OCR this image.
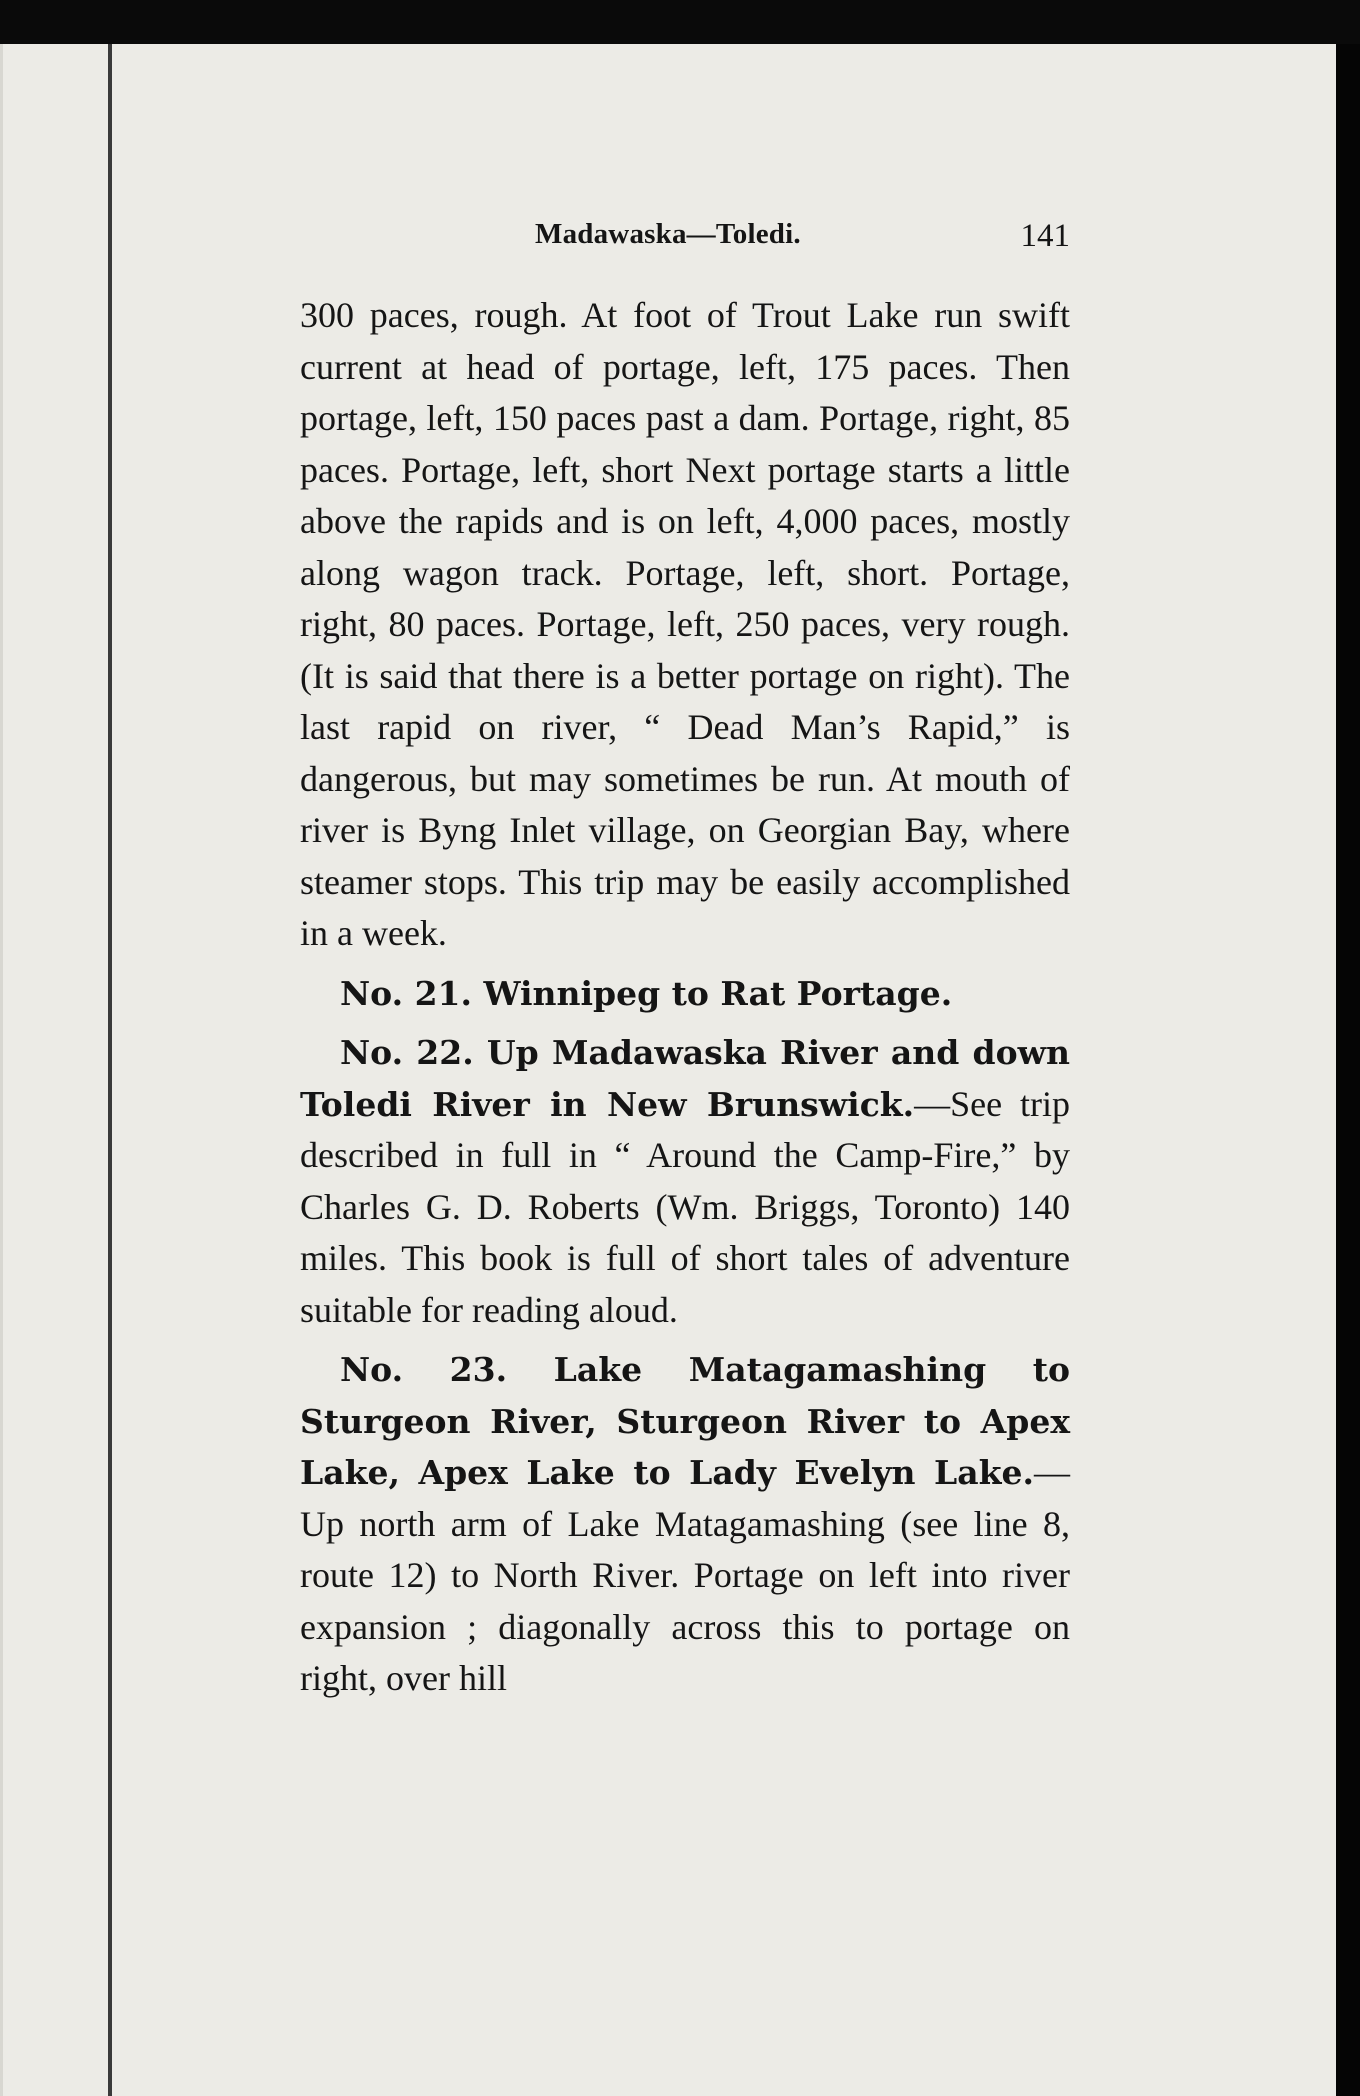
Madawaska—Toledi.	141

300 paces, rough. At foot of Trout Lake run swift current at head of portage, left, 175 paces. Then portage, left, 150 paces past a dam. Portage, right, 85 paces. Portage, left, short Next portage starts a little above the rapids and is on left, 4,000 paces, mostly along wagon track. Portage, left, short. Portage, right, 80 paces. Portage, left, 250 paces, very rough. (It is said that there is a better portage on right). The last rapid on river, “ Dead Man’s Rapid,” is dangerous, but may sometimes be run. At mouth of river is Byng Inlet village, on Georgian Bay, where steamer stops. This trip may be easily accomplished in a week.

No. 21. Winnipeg to Rat Portage.

No. 22. Up Madawaska River and down Toledi River in New Brunswick.—See trip described in full in “ Around the Camp-Fire,” by Charles G. D. Roberts (Wm. Briggs, Toronto) 140 miles. This book is full of short tales of adventure suitable for reading aloud.

No. 23. Lake Matagamashing to Sturgeon River, Sturgeon River to Apex Lake, Apex Lake to Lady Evelyn Lake.—Up north arm of Lake Matagamashing (see line 8, route 12) to North River. Portage on left into river expansion ; diagonally across this to portage on right, over hill
